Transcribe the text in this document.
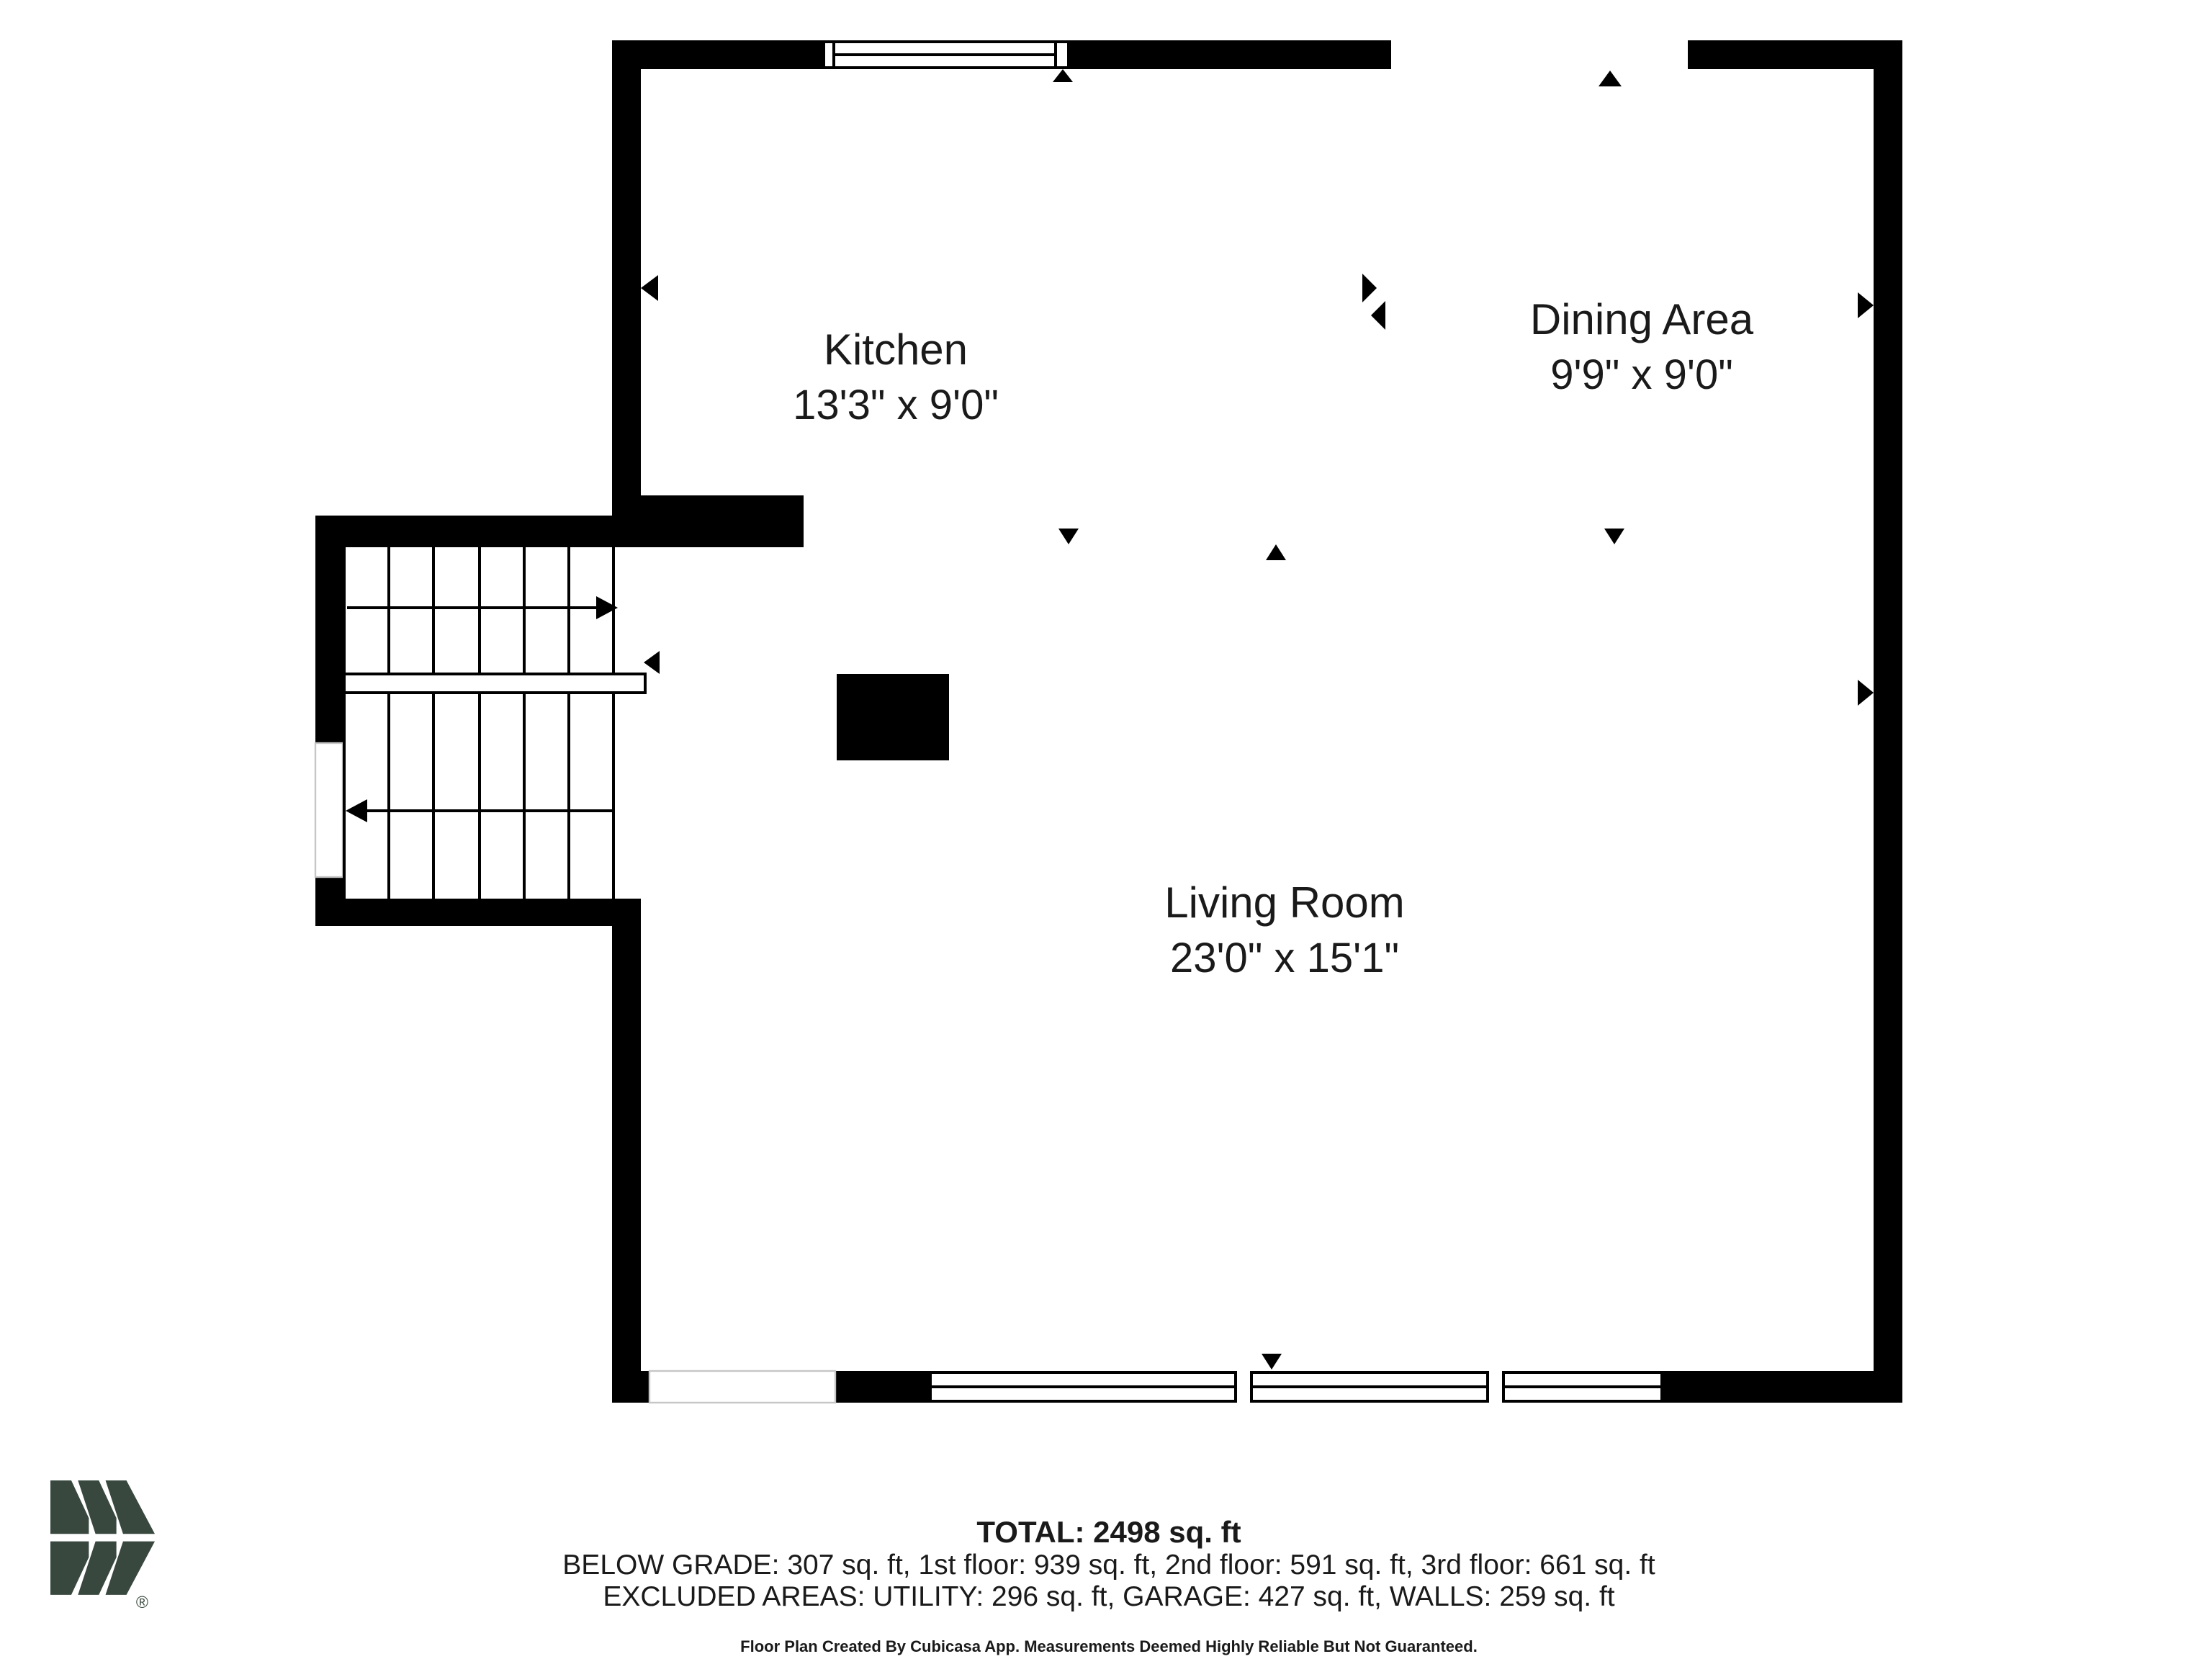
Kitchen
13'3" x 9'0"
Dining Area
9'9" x 9'0"
Living Room
23'0" x 15'1"
TOTAL: 2498 sq. ft
BELOW GRADE: 307 sq. ft, 1st floor: 939 sq. ft, 2nd floor: 591 sq. ft, 3rd floor: 661 sq. ft
EXCLUDED AREAS: UTILITY: 296 sq. ft, GARAGE: 427 sq. ft, WALLS: 259 sq. ft
Floor Plan Created By Cubicasa App. Measurements Deemed Highly Reliable But Not Guaranteed.
®
